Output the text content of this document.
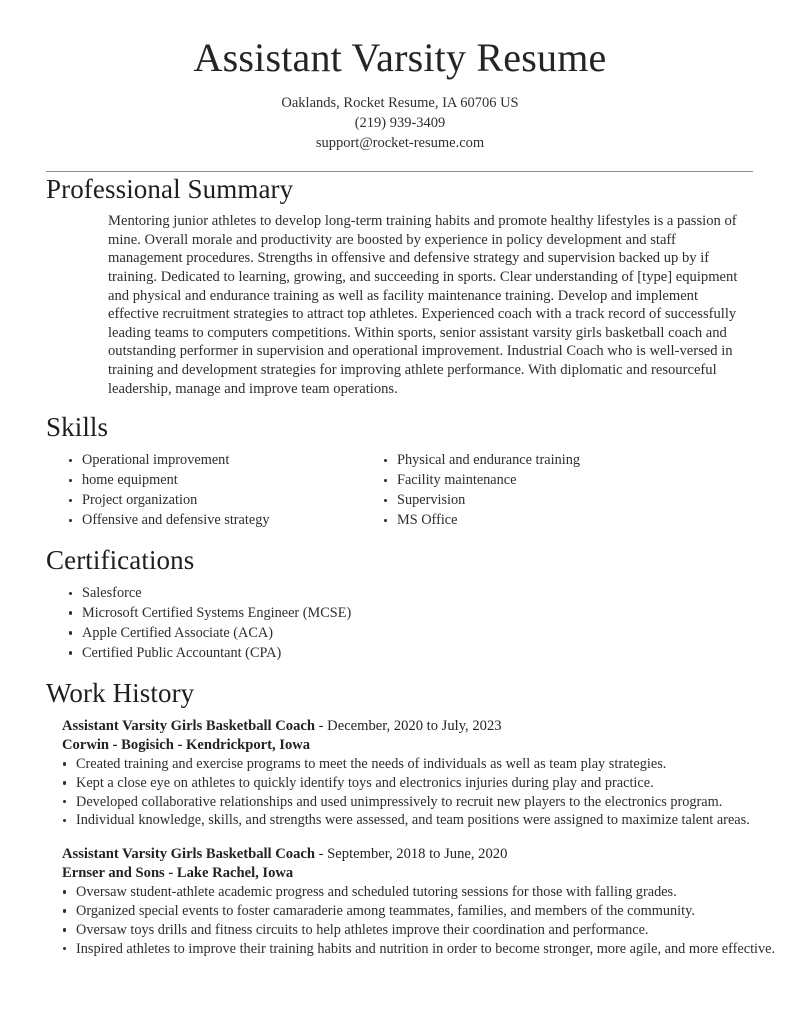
Assistant Varsity Resume
Oaklands, Rocket Resume, IA 60706 US
(219) 939-3409
support@rocket-resume.com
Professional Summary

Mentoring junior athletes to develop long-term training habits and promote healthy lifestyles is a passion of mine. Overall morale and productivity are boosted by experience in policy development and staff management procedures. Strengths in offensive and defensive strategy and supervision backed up by if training. Dedicated to learning, growing, and succeeding in sports. Clear understanding of [type] equipment and physical and endurance training as well as facility maintenance training. Develop and implement effective recruitment strategies to attract top athletes. Experienced coach with a track record of successfully leading teams to computers competitions. Within sports, senior assistant varsity girls basketball coach and outstanding performer in supervision and operational improvement. Industrial Coach who is well-versed in training and development strategies for improving athlete performance. With diplomatic and resourceful leadership, manage and improve team operations.

Skills
Operational improvement
home equipment
Project organization
Offensive and defensive strategy
Physical and endurance training
Facility maintenance
Supervision
MS Office
Certifications
Salesforce
Microsoft Certified Systems Engineer (MCSE)
Apple Certified Associate (ACA)
Certified Public Accountant (CPA)
Work History
Assistant Varsity Girls Basketball Coach - December, 2020 to July, 2023
Corwin - Bogisich - Kendrickport, Iowa
Created training and exercise programs to meet the needs of individuals as well as team play strategies.
Kept a close eye on athletes to quickly identify toys and electronics injuries during play and practice.
Developed collaborative relationships and used unimpressively to recruit new players to the electronics program.
Individual knowledge, skills, and strengths were assessed, and team positions were assigned to maximize talent areas.
Assistant Varsity Girls Basketball Coach - September, 2018 to June, 2020
Ernser and Sons - Lake Rachel, Iowa
Oversaw student-athlete academic progress and scheduled tutoring sessions for those with falling grades.
Organized special events to foster camaraderie among teammates, families, and members of the community.
Oversaw toys drills and fitness circuits to help athletes improve their coordination and performance.
Inspired athletes to improve their training habits and nutrition in order to become stronger, more agile, and more effective.
